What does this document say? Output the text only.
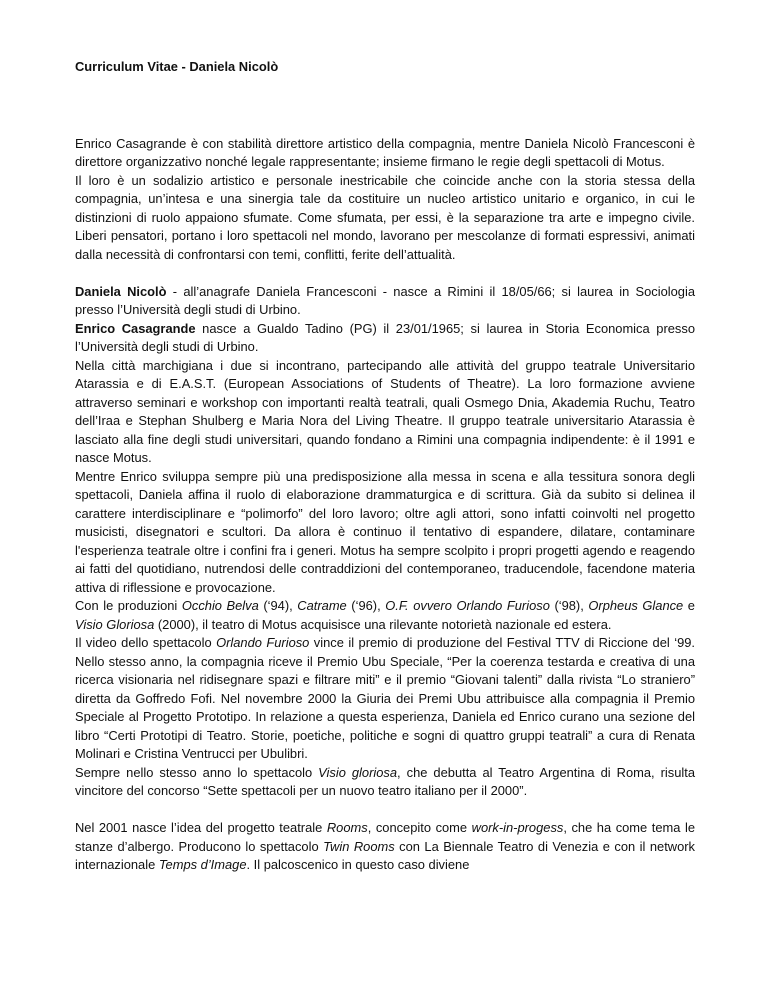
Curriculum Vitae - Daniela Nicolò

Enrico Casagrande è con stabilità direttore artistico della compagnia, mentre Daniela Nicolò Francesconi è direttore organizzativo nonché legale rappresentante; insieme firmano le regie degli spettacoli di Motus.

Il loro è un sodalizio artistico e personale inestricabile che coincide anche con la storia stessa della compagnia, un’intesa e una sinergia tale da costituire un nucleo artistico unitario e organico, in cui le distinzioni di ruolo appaiono sfumate. Come sfumata, per essi, è la separazione tra arte e impegno civile. Liberi pensatori, portano i loro spettacoli nel mondo, lavorano per mescolanze di formati espressivi, animati dalla necessità di confrontarsi con temi, conflitti, ferite dell’attualità.

Daniela Nicolò - all’anagrafe Daniela Francesconi - nasce a Rimini il 18/05/66; si laurea in Sociologia presso l’Università degli studi di Urbino.

Enrico Casagrande nasce a Gualdo Tadino (PG) il 23/01/1965; si laurea in Storia Economica presso l’Università degli studi di Urbino.

Nella città marchigiana i due si incontrano, partecipando alle attività del gruppo teatrale Universitario Atarassia e di E.A.S.T. (European Associations of Students of Theatre). La loro formazione avviene attraverso seminari e workshop con importanti realtà teatrali, quali Osmego Dnia, Akademia Ruchu, Teatro dell’Iraa e Stephan Shulberg e Maria Nora del Living Theatre. Il gruppo teatrale universitario Atarassia è lasciato alla fine degli studi universitari, quando fondano a Rimini una compagnia indipendente: è il 1991 e nasce Motus.

Mentre Enrico sviluppa sempre più una predisposizione alla messa in scena e alla tessitura sonora degli spettacoli, Daniela affina il ruolo di elaborazione drammaturgica e di scrittura. Già da subito si delinea il carattere interdisciplinare e “polimorfo” del loro lavoro; oltre agli attori, sono infatti coinvolti nel progetto musicisti, disegnatori e scultori. Da allora è continuo il tentativo di espandere, dilatare, contaminare l'esperienza teatrale oltre i confini fra i generi. Motus ha sempre scolpito i propri progetti agendo e reagendo ai fatti del quotidiano, nutrendosi delle contraddizioni del contemporaneo, traducendole, facendone materia attiva di riflessione e provocazione.

Con le produzioni Occhio Belva (‘94), Catrame (‘96), O.F. ovvero Orlando Furioso (‘98), Orpheus Glance e Visio Gloriosa (2000), il teatro di Motus acquisisce una rilevante notorietà nazionale ed estera.

Il video dello spettacolo Orlando Furioso vince il premio di produzione del Festival TTV di Riccione del ‘99. Nello stesso anno, la compagnia riceve il Premio Ubu Speciale, “Per la coerenza testarda e creativa di una ricerca visionaria nel ridisegnare spazi e filtrare miti” e il premio “Giovani talenti” dalla rivista “Lo straniero” diretta da Goffredo Fofi. Nel novembre 2000 la Giuria dei Premi Ubu attribuisce alla compagnia il Premio Speciale al Progetto Prototipo. In relazione a questa esperienza, Daniela ed Enrico curano una sezione del libro “Certi Prototipi di Teatro. Storie, poetiche, politiche e sogni di quattro gruppi teatrali” a cura di Renata Molinari e Cristina Ventrucci per Ubulibri.

Sempre nello stesso anno lo spettacolo Visio gloriosa, che debutta al Teatro Argentina di Roma, risulta vincitore del concorso “Sette spettacoli per un nuovo teatro italiano per il 2000”.

Nel 2001 nasce l’idea del progetto teatrale Rooms, concepito come work-in-progess, che ha come tema le stanze d’albergo. Producono lo spettacolo Twin Rooms con La Biennale Teatro di Venezia e con il network internazionale Temps d’Image. Il palcoscenico in questo caso diviene
